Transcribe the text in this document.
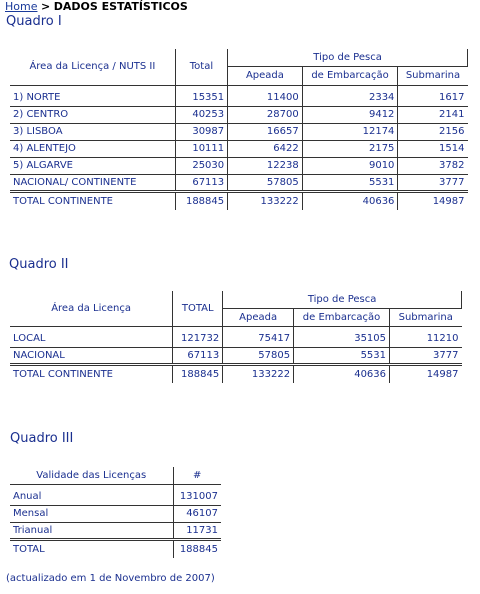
Home > DADOS ESTATÍSTICOS
Quadro I
Área da Licença / NUTS II	Total	Tipo de Pesca		
		Apeada	de Embarcação	Submarina

1) NORTE	15351	11400	2334	1617
2) CENTRO	40253	28700	9412	2141
3) LISBOA	30987	16657	12174	2156
4) ALENTEJO	10111	6422	2175	1514
5) ALGARVE	25030	12238	9010	3782
NACIONAL/ CONTINENTE	67113	57805	5531	3777
TOTAL CONTINENTE	188845	133222	40636	14987
Quadro II
Área da Licença	TOTAL	Tipo de Pesca		
		Apeada	de Embarcação	Submarina

LOCAL	121732	75417	35105	11210
NACIONAL	67113	57805	5531	3777
TOTAL CONTINENTE	188845	133222	40636	14987
Quadro III
Validade das Licenças	#

Anual	131007
Mensal	46107
Trianual	11731
TOTAL	188845
(actualizado em 1 de Novembro de 2007)
